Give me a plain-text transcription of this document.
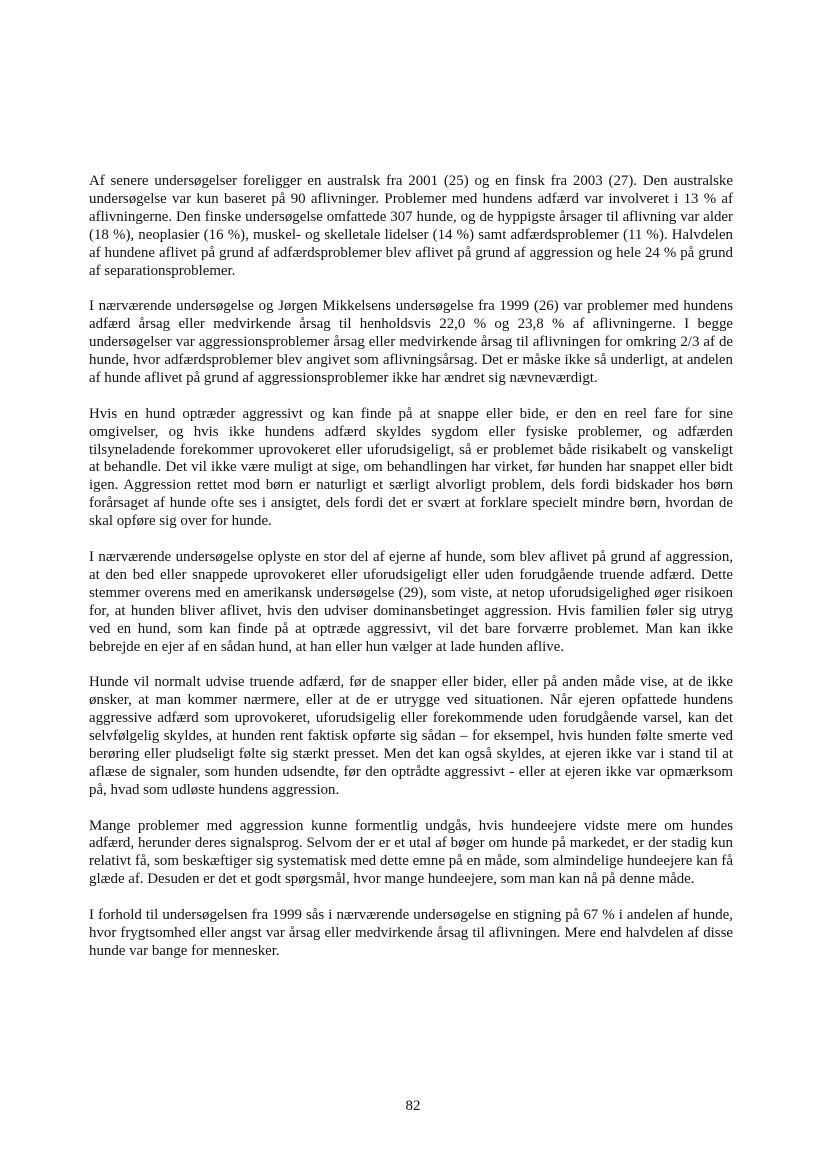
Af senere undersøgelser foreligger en australsk fra 2001 (25) og en finsk fra 2003 (27). Den australske undersøgelse var kun baseret på 90 aflivninger. Problemer med hundens adfærd var involveret i 13 % af aflivningerne. Den finske undersøgelse omfattede 307 hunde, og de hyppigste årsager til aflivning var alder (18 %), neoplasier (16 %), muskel- og skelletale lidelser (14 %) samt adfærdsproblemer (11 %). Halvdelen af hundene aflivet på grund af adfærdsproblemer blev aflivet på grund af aggression og hele 24 % på grund af separationsproblemer.

I nærværende undersøgelse og Jørgen Mikkelsens undersøgelse fra 1999 (26) var problemer med hundens adfærd årsag eller medvirkende årsag til henholdsvis 22,0 % og 23,8 % af aflivningerne. I begge undersøgelser var aggressionsproblemer årsag eller medvirkende årsag til aflivningen for omkring 2/3 af de hunde, hvor adfærdsproblemer blev angivet som aflivningsårsag. Det er måske ikke så underligt, at andelen af hunde aflivet på grund af aggressionsproblemer ikke har ændret sig nævneværdigt.

Hvis en hund optræder aggressivt og kan finde på at snappe eller bide, er den en reel fare for sine omgivelser, og hvis ikke hundens adfærd skyldes sygdom eller fysiske problemer, og adfærden tilsyneladende forekommer uprovokeret eller uforudsigeligt, så er problemet både risikabelt og vanskeligt at behandle. Det vil ikke være muligt at sige, om behandlingen har virket, før hunden har snappet eller bidt igen. Aggression rettet mod børn er naturligt et særligt alvorligt problem, dels fordi bidskader hos børn forårsaget af hunde ofte ses i ansigtet, dels fordi det er svært at forklare specielt mindre børn, hvordan de skal opføre sig over for hunde.

I nærværende undersøgelse oplyste en stor del af ejerne af hunde, som blev aflivet på grund af aggression, at den bed eller snappede uprovokeret eller uforudsigeligt eller uden forudgående truende adfærd. Dette stemmer overens med en amerikansk undersøgelse (29), som viste, at netop uforudsigelighed øger risikoen for, at hunden bliver aflivet, hvis den udviser dominansbetinget aggression. Hvis familien føler sig utryg ved en hund, som kan finde på at optræde aggressivt, vil det bare forværre problemet. Man kan ikke bebrejde en ejer af en sådan hund, at han eller hun vælger at lade hunden aflive.

Hunde vil normalt udvise truende adfærd, før de snapper eller bider, eller på anden måde vise, at de ikke ønsker, at man kommer nærmere, eller at de er utrygge ved situationen. Når ejeren opfattede hundens aggressive adfærd som uprovokeret, uforudsigelig eller forekommende uden forudgående varsel, kan det selvfølgelig skyldes, at hunden rent faktisk opførte sig sådan – for eksempel, hvis hunden følte smerte ved berøring eller pludseligt følte sig stærkt presset. Men det kan også skyldes, at ejeren ikke var i stand til at aflæse de signaler, som hunden udsendte, før den optrådte aggressivt - eller at ejeren ikke var opmærksom på, hvad som udløste hundens aggression.

Mange problemer med aggression kunne formentlig undgås, hvis hundeejere vidste mere om hundes adfærd, herunder deres signalsprog. Selvom der er et utal af bøger om hunde på markedet, er der stadig kun relativt få, som beskæftiger sig systematisk med dette emne på en måde, som almindelige hundeejere kan få glæde af. Desuden er det et godt spørgsmål, hvor mange hundeejere, som man kan nå på denne måde.

I forhold til undersøgelsen fra 1999 sås i nærværende undersøgelse en stigning på 67 % i andelen af hunde, hvor frygtsomhed eller angst var årsag eller medvirkende årsag til aflivningen. Mere end halvdelen af disse hunde var bange for mennesker.

82
